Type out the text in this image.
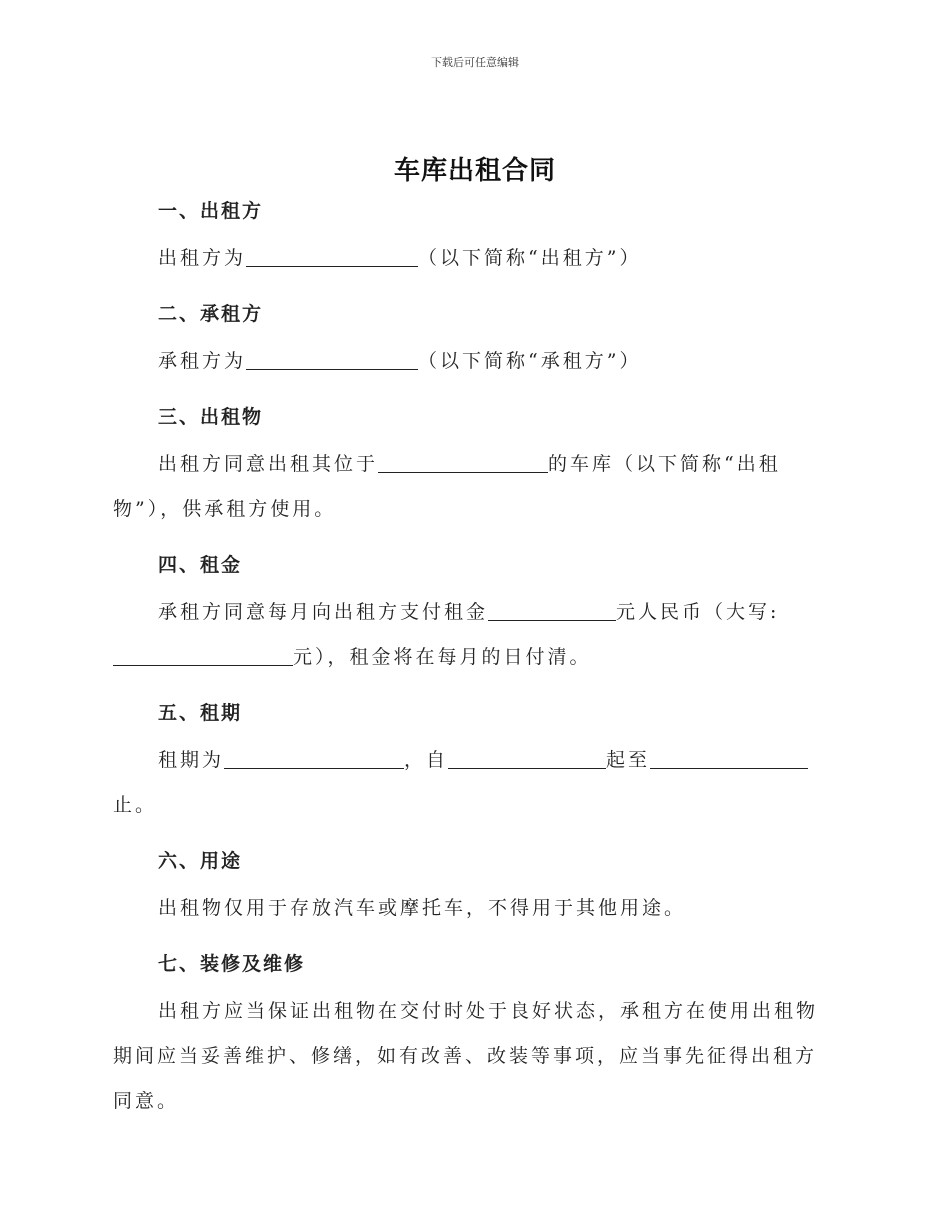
下载后可任意编辑
车库出租合同
一、出租方

出租方为	（以下简称“出租方”）

二、承租方

承租方为	（以下简称“承租方”）

三、出租物

出租方同意出租其位于	的车库（以下简称“出租物”），供承租方使用。

四、租金

承租方同意每月向出租方支付租金	元人民币（大写:元），租金将在每月的日付清。

五、租期

租期为	，自	起至止。

六、用途

出租物仅用于存放汽车或摩托车，不得用于其他用途。

七、装修及维修

出租方应当保证出租物在交付时处于良好状态，承租方在使用出租物期间应当妥善维护、修缮，如有改善、改装等事项，应当事先征得出租方同意。
